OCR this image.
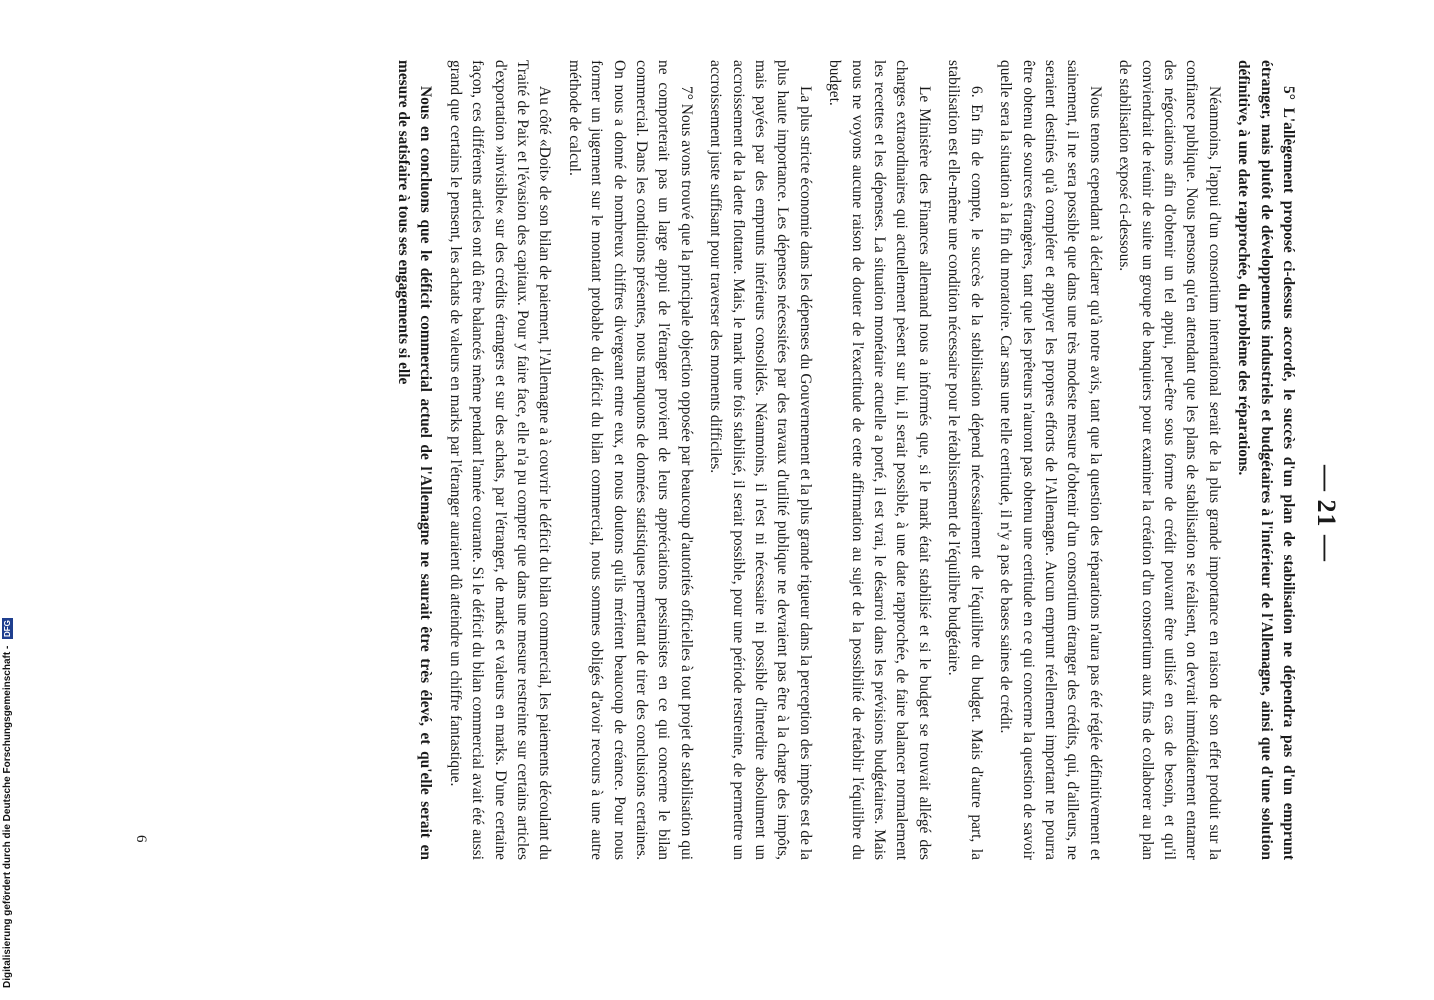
— 21 —

5° L'allègement proposé ci-dessus accordé, le succès d'un plan de stabilisation ne dépendra pas d'un emprunt étranger, mais plutôt de développements industriels et budgétaires à l'intérieur de l'Allemagne, ainsi que d'une solution définitive, à une date rapprochée, du problème des réparations.

Néanmoins, l'appui d'un consortium international serait de la plus grande importance en raison de son effet produit sur la confiance publique. Nous pensons qu'en attendant que les plans de stabilisation se réalisent, on devrait immédiatement entamer des négociations afin d'obtenir un tel appui, peut-être sous forme de crédit pouvant être utilisé en cas de besoin, et qu'il conviendrait de réunir de suite un groupe de banquiers pour examiner la création d'un consortium aux fins de collaborer au plan de stabilisation exposé ci-dessous.

Nous tenons cependant à déclarer qu'à notre avis, tant que la question des réparations n'aura pas été réglée définitivement et sainement, il ne sera possible que dans une très modeste mesure d'obtenir d'un consortium étranger des crédits, qui, d'ailleurs, ne seraient destinés qu'à compléter et appuyer les propres efforts de l'Allemagne. Aucun emprunt réellement important ne pourra être obtenu de sources étrangères, tant que les prêteurs n'auront pas obtenu une certitude en ce qui concerne la question de savoir quelle sera la situation à la fin du moratoire. Car sans une telle certitude, il n'y a pas de bases saines de crédit.

6. En fin de compte, le succès de la stabilisation dépend nécessairement de l'équilibre du budget. Mais d'autre part, la stabilisation est elle-même une condition nécessaire pour le rétablissement de l'équilibre budgétaire.

Le Ministère des Finances allemand nous a informés que, si le mark était stabilisé et si le budget se trouvait allégé des charges extraordinaires qui actuellement pèsent sur lui, il serait possible, à une date rapprochée, de faire balancer normalement les recettes et les dépenses. La situation monétaire actuelle a porté, il est vrai, le désarroi dans les prévisions budgétaires. Mais nous ne voyons aucune raison de douter de l'exactitude de cette affirmation au sujet de la possibilité de rétablir l'équilibre du budget.

La plus stricte économie dans les dépenses du Gouvernement et la plus grande rigueur dans la perception des impôts est de la plus haute importance. Les dépenses nécessitées par des travaux d'utilité publique ne devraient pas être à la charge des impôts, mais payées par des emprunts intérieurs consolidés. Néanmoins, il n'est ni nécessaire ni possible d'interdire absolument un accroissement de la dette flottante. Mais, le mark une fois stabilisé, il serait possible, pour une période restreinte, de permettre un accroissement juste suffisant pour traverser des moments difficiles.

7° Nous avons trouvé que la principale objection opposée par beaucoup d'autorités officielles à tout projet de stabilisation qui ne comporterait pas un large appui de l'étranger provient de leurs appréciations pessimistes en ce qui concerne le bilan commercial. Dans les conditions présentes, nous manquons de données statistiques permettant de tirer des conclusions certaines. On nous a donné de nombreux chiffres divergeant entre eux, et nous doutons qu'ils méritent beaucoup de créance. Pour nous former un jugement sur le montant probable du déficit du bilan commercial, nous sommes obligés d'avoir recours à une autre méthode de calcul.

Au côté «Doit» de son bilan de paiement, l'Allemagne a à couvrir le déficit du bilan commercial, les paiements découlant du Traité de Paix et l'évasion des capitaux. Pour y faire face, elle n'a pu compter que dans une mesure restreinte sur certains articles d'exportation »invisible« sur des crédits étrangers et sur des achats, par l'étranger, de marks et valeurs en marks. D'une certaine façon, ces différents articles ont dû être balancés même pendant l'année courante. Si le déficit du bilan commercial avait été aussi grand que certains le pensent, les achats de valeurs en marks par l'étranger auraient dû atteindre un chiffre fantastique.

Nous en concluons que le déficit commercial actuel de l'Allemagne ne saurait être très élevé, et qu'elle serait en mesure de satisfaire à tous ses engagements si elle

6
Digitalisierung gefördert durch die Deutsche Forschungsgemeinschaft - DFG
